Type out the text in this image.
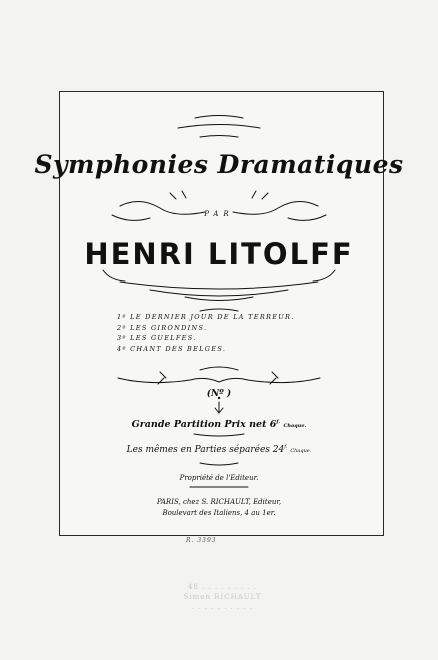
Symphonies Dramatiques
PAR
HENRI LITOLFF
1º LE DERNIER JOUR DE LA TERREUR.
2º LES GIRONDINS.
3º LES GUELFES.
4º CHANT DES BELGES.
(Nº )
Grande Partition Prix net $6^{f.}$ Chaque.
Les mêmes en Parties séparées $24^{f.}$ Chaque.
Propriété de l'Editeur.
PARIS, chez S. RICHAULT, Editeur,
Boulevart des Italiens, 4 au 1er.
R. 3393
48 . . . . . . . . .
Simon RICHAULT
. . . . . . . . . .
